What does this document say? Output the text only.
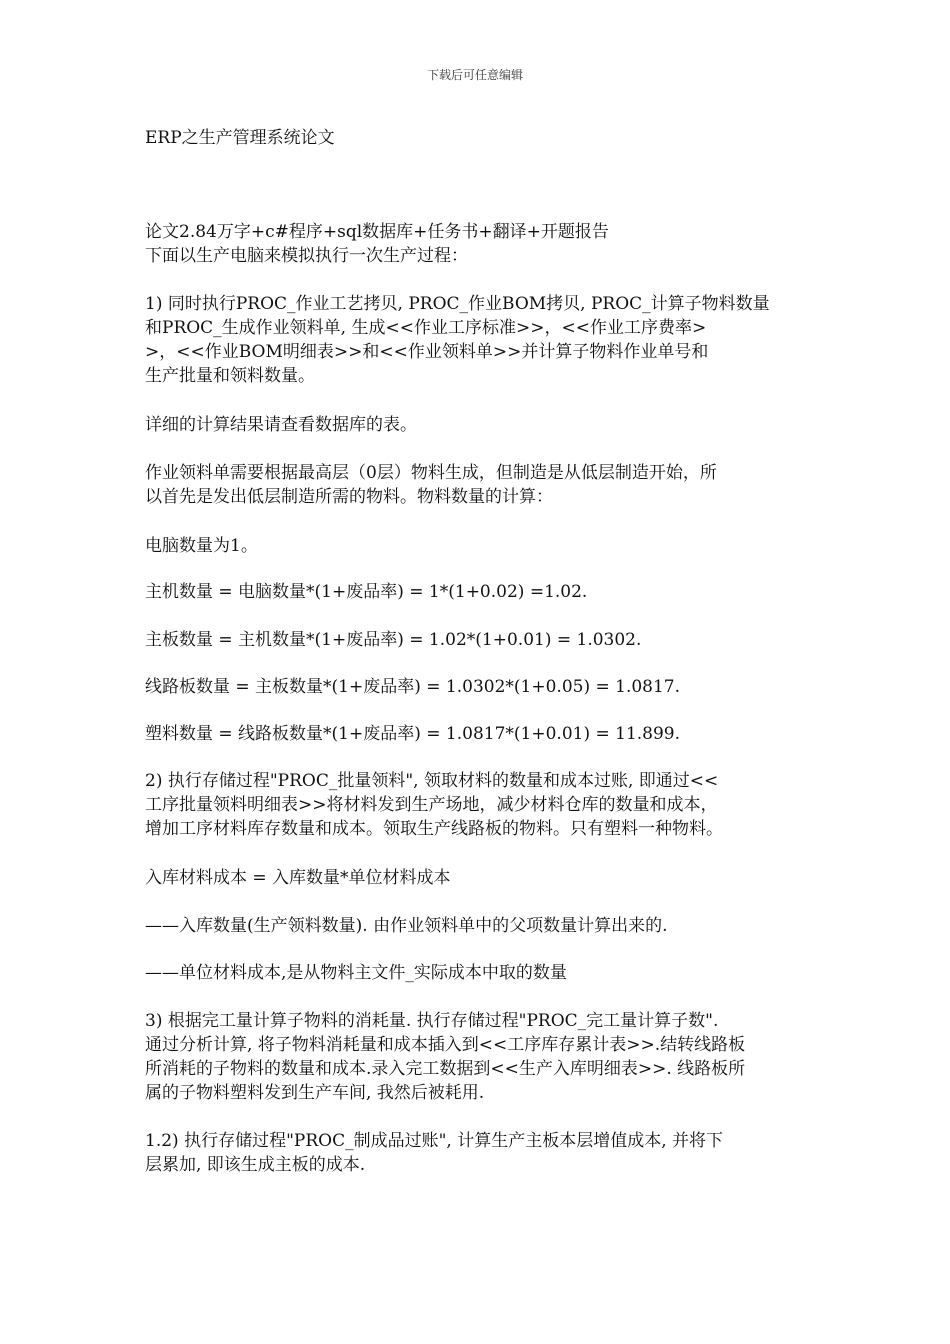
下载后可任意编辑
ERP之生产管理系统论文
论文2.84万字+c#程序+sql数据库+任务书+翻译+开题报告
下面以生产电脑来模拟执行一次生产过程：
1) 同时执行PROC_作业工艺拷贝, PROC_作业BOM拷贝, PROC_计算子物料数量
和PROC_生成作业领料单, 生成<<作业工序标准>>，<<作业工序费率>
>，<<作业BOM明细表>>和<<作业领料单>>并计算子物料作业单号和
生产批量和领料数量。
详细的计算结果请查看数据库的表。
作业领料单需要根据最高层（0层）物料生成，但制造是从低层制造开始，所
以首先是发出低层制造所需的物料。物料数量的计算：
电脑数量为1。
主机数量 = 电脑数量*(1+废品率) = 1*(1+0.02) =1.02.
主板数量 = 主机数量*(1+废品率) = 1.02*(1+0.01) = 1.0302.
线路板数量 = 主板数量*(1+废品率) = 1.0302*(1+0.05) = 1.0817.
塑料数量 = 线路板数量*(1+废品率) = 1.0817*(1+0.01) = 11.899.
2) 执行存储过程"PROC_批量领料", 领取材料的数量和成本过账, 即通过<<
工序批量领料明细表>>将材料发到生产场地，减少材料仓库的数量和成本，
增加工序材料库存数量和成本。领取生产线路板的物料。只有塑料一种物料。
入库材料成本 = 入库数量*单位材料成本
——入库数量(生产领料数量). 由作业领料单中的父项数量计算出来的.
——单位材料成本,是从物料主文件_实际成本中取的数量
3) 根据完工量计算子物料的消耗量. 执行存储过程"PROC_完工量计算子数".
通过分析计算, 将子物料消耗量和成本插入到<<工序库存累计表>>.结转线路板
所消耗的子物料的数量和成本.录入完工数据到<<生产入库明细表>>. 线路板所
属的子物料塑料发到生产车间, 我然后被耗用.
1.2) 执行存储过程"PROC_制成品过账", 计算生产主板本层增值成本, 并将下
层累加, 即该生成主板的成本.
